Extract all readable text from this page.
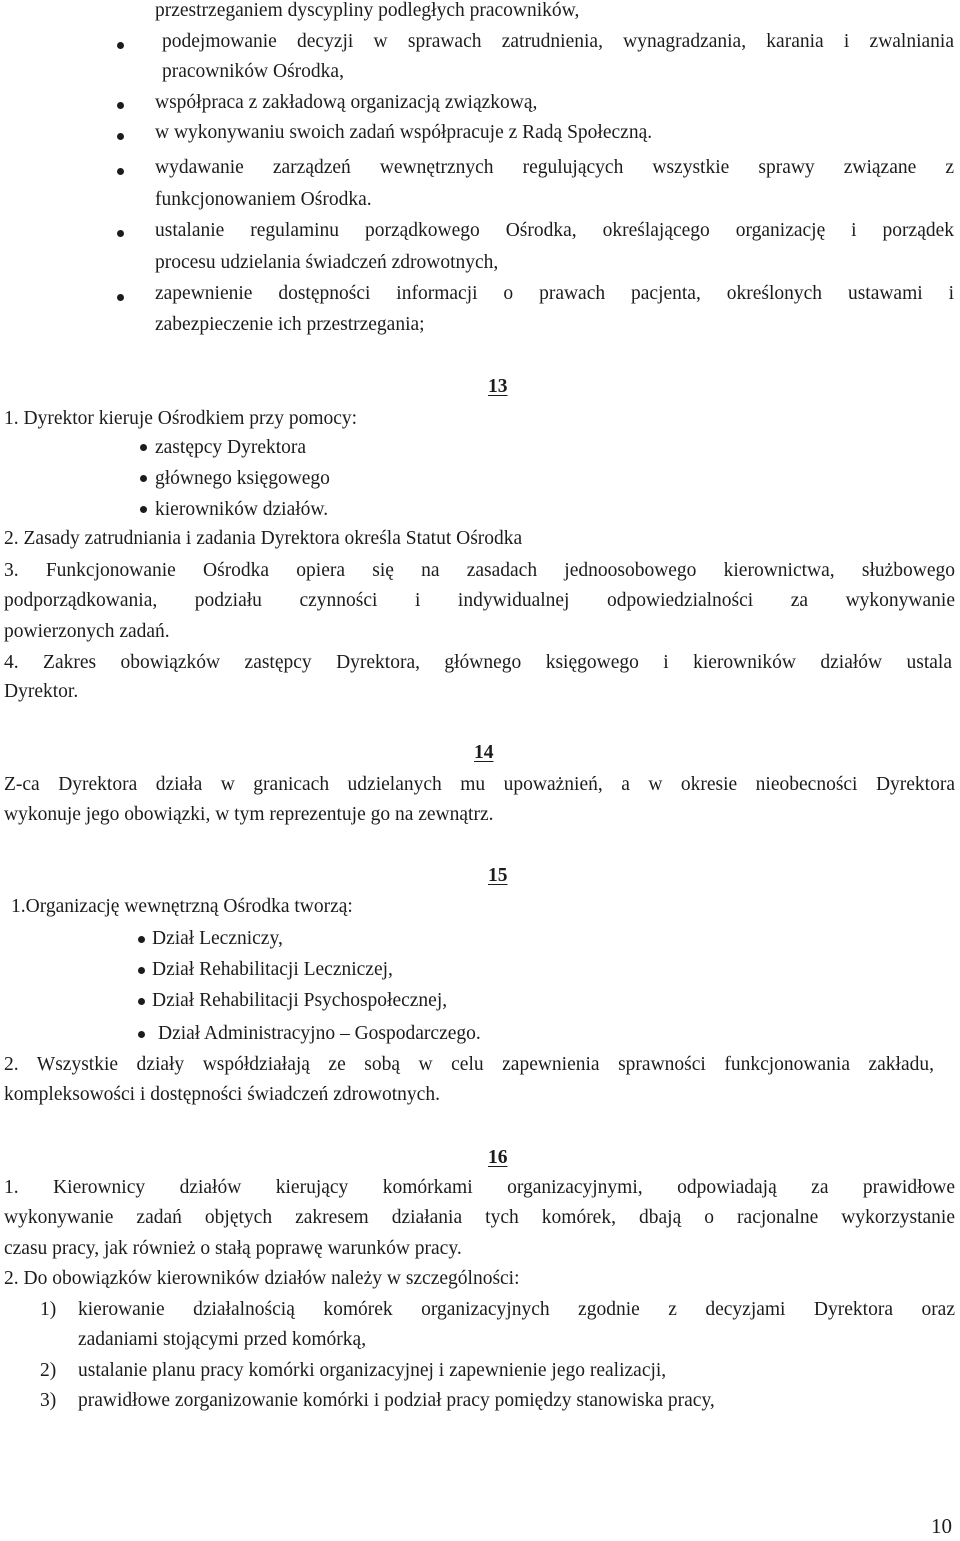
przestrzeganiem dyscypliny podległych pracowników,
podejmowanie decyzji w sprawach zatrudnienia, wynagradzania, karania i zwalniania
pracowników Ośrodka,
współpraca z zakładową organizacją związkową,
w wykonywaniu swoich zadań współpracuje z Radą Społeczną.
wydawanie zarządzeń wewnętrznych regulujących wszystkie sprawy związane z
funkcjonowaniem Ośrodka.
ustalanie regulaminu porządkowego Ośrodka, określającego organizację i porządek
procesu udzielania świadczeń zdrowotnych,
zapewnienie dostępności informacji o prawach pacjenta, określonych ustawami i
zabezpieczenie ich przestrzegania;
13
1. Dyrektor kieruje Ośrodkiem przy pomocy:
zastępcy Dyrektora
głównego księgowego
kierowników działów.
2. Zasady zatrudniania i zadania Dyrektora określa Statut Ośrodka
3. Funkcjonowanie Ośrodka opiera się na zasadach jednoosobowego kierownictwa, służbowego
podporządkowania, podziału czynności i indywidualnej odpowiedzialności za wykonywanie
powierzonych zadań.
4. Zakres obowiązków zastępcy Dyrektora, głównego księgowego i kierowników działów ustala
Dyrektor.
14
Z-ca Dyrektora działa w granicach udzielanych mu upoważnień, a w okresie nieobecności Dyrektora
wykonuje jego obowiązki, w tym reprezentuje go na zewnątrz.
15
1.Organizację wewnętrzną Ośrodka tworzą:
Dział Leczniczy,
Dział Rehabilitacji Leczniczej,
Dział Rehabilitacji Psychospołecznej,
Dział Administracyjno – Gospodarczego.
2. Wszystkie działy współdziałają ze sobą w celu zapewnienia sprawności funkcjonowania zakładu,
kompleksowości i dostępności świadczeń zdrowotnych.
16
1. Kierownicy działów kierujący komórkami organizacyjnymi, odpowiadają za prawidłowe
wykonywanie zadań objętych zakresem działania tych komórek, dbają o racjonalne wykorzystanie
czasu pracy, jak również o stałą poprawę warunków pracy.
2. Do obowiązków kierowników działów należy w szczególności:
1) kierowanie działalnością komórek organizacyjnych zgodnie z decyzjami Dyrektora oraz
zadaniami stojącymi przed komórką,
2) ustalanie planu pracy komórki organizacyjnej i zapewnienie jego realizacji,
3) prawidłowe zorganizowanie komórki i podział pracy pomiędzy stanowiska pracy,
10
